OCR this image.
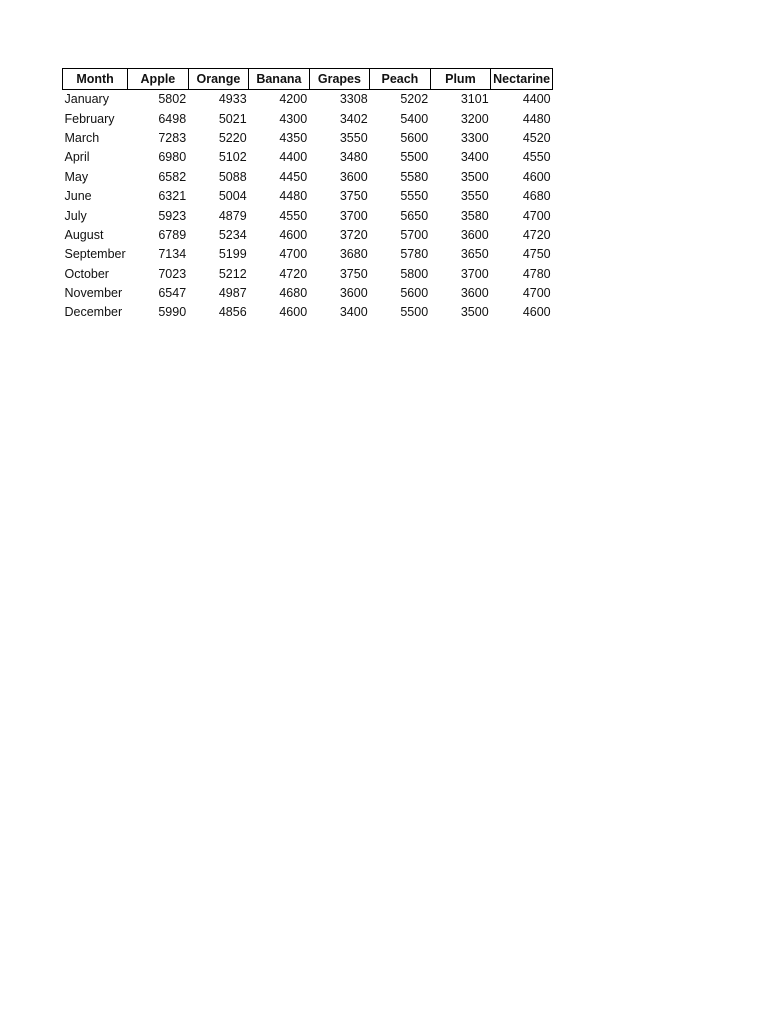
Month	Apple	Orange	Banana	Grapes	Peach	Plum	Nectarine
January	5802	4933	4200	3308	5202	3101	4400
February	6498	5021	4300	3402	5400	3200	4480
March	7283	5220	4350	3550	5600	3300	4520
April	6980	5102	4400	3480	5500	3400	4550
May	6582	5088	4450	3600	5580	3500	4600
June	6321	5004	4480	3750	5550	3550	4680
July	5923	4879	4550	3700	5650	3580	4700
August	6789	5234	4600	3720	5700	3600	4720
September	7134	5199	4700	3680	5780	3650	4750
October	7023	5212	4720	3750	5800	3700	4780
November	6547	4987	4680	3600	5600	3600	4700
December	5990	4856	4600	3400	5500	3500	4600
